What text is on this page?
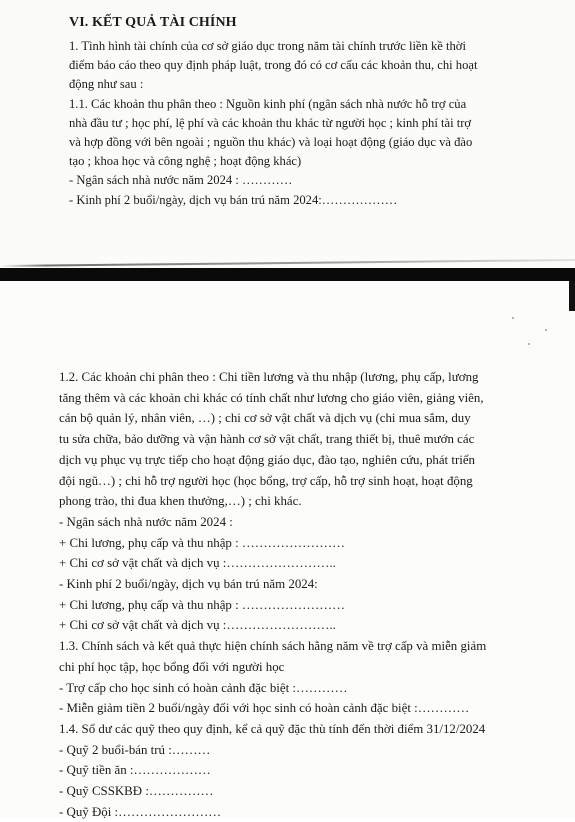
VI. KẾT QUẢ TÀI CHÍNH
1. Tình hình tài chính của cơ sở giáo dục trong năm tài chính trước liền kề thời
điểm báo cáo theo quy định pháp luật, trong đó có cơ cấu các khoản thu, chi hoạt
động như sau :
1.1. Các khoản thu phân theo : Nguồn kinh phí (ngân sách nhà nước hỗ trợ của
nhà đầu tư ; học phí, lệ phí và các khoản thu khác từ người học ; kinh phí tài trợ
và hợp đồng với bên ngoài ; nguồn thu khác) và loại hoạt động (giáo dục và đào
tạo ; khoa học và công nghệ ; hoạt động khác)
- Ngân sách nhà nước năm 2024 : …………
- Kinh phí 2 buổi/ngày, dịch vụ bán trú năm 2024:………………
1.2. Các khoản chi phân theo : Chi tiền lương và thu nhập (lương, phụ cấp, lương
tăng thêm và các khoản chi khác có tính chất như lương cho giáo viên, giảng viên,
cán bộ quản lý, nhân viên, …) ; chi cơ sở vật chất và dịch vụ (chi mua sắm, duy
tu sửa chữa, bảo dưỡng và vận hành cơ sở vật chất, trang thiết bị, thuê mướn các
dịch vụ phục vụ trực tiếp cho hoạt động giáo dục, đào tạo, nghiên cứu, phát triển
đội ngũ…) ; chi hỗ trợ người học (học bổng, trợ cấp, hỗ trợ sinh hoạt, hoạt động
phong trào, thi đua khen thưởng,…) ; chi khác.
- Ngân sách nhà nước năm 2024 :
+ Chi lương, phụ cấp và thu nhập : ……………………
+ Chi cơ sở vật chất và dịch vụ :……………………..
- Kinh phí 2 buổi/ngày, dịch vụ bán trú năm 2024:
+ Chi lương, phụ cấp và thu nhập : ……………………
+ Chi cơ sở vật chất và dịch vụ :……………………..
1.3. Chính sách và kết quả thực hiện chính sách hằng năm về trợ cấp và miễn giảm
chi phí học tập, học bổng đối với người học
- Trợ cấp cho học sinh có hoàn cảnh đặc biệt :…………
- Miễn giảm tiền 2 buổi/ngày đối với học sinh có hoàn cảnh đặc biệt :…………
1.4. Số dư các quỹ theo quy định, kể cả quỹ đặc thù tính đến thời điểm 31/12/2024
- Quỹ 2 buổi-bán trú :………
- Quỹ tiền ăn :………………
- Quỹ CSSKBĐ :……………
- Quỹ Đội :……………………
